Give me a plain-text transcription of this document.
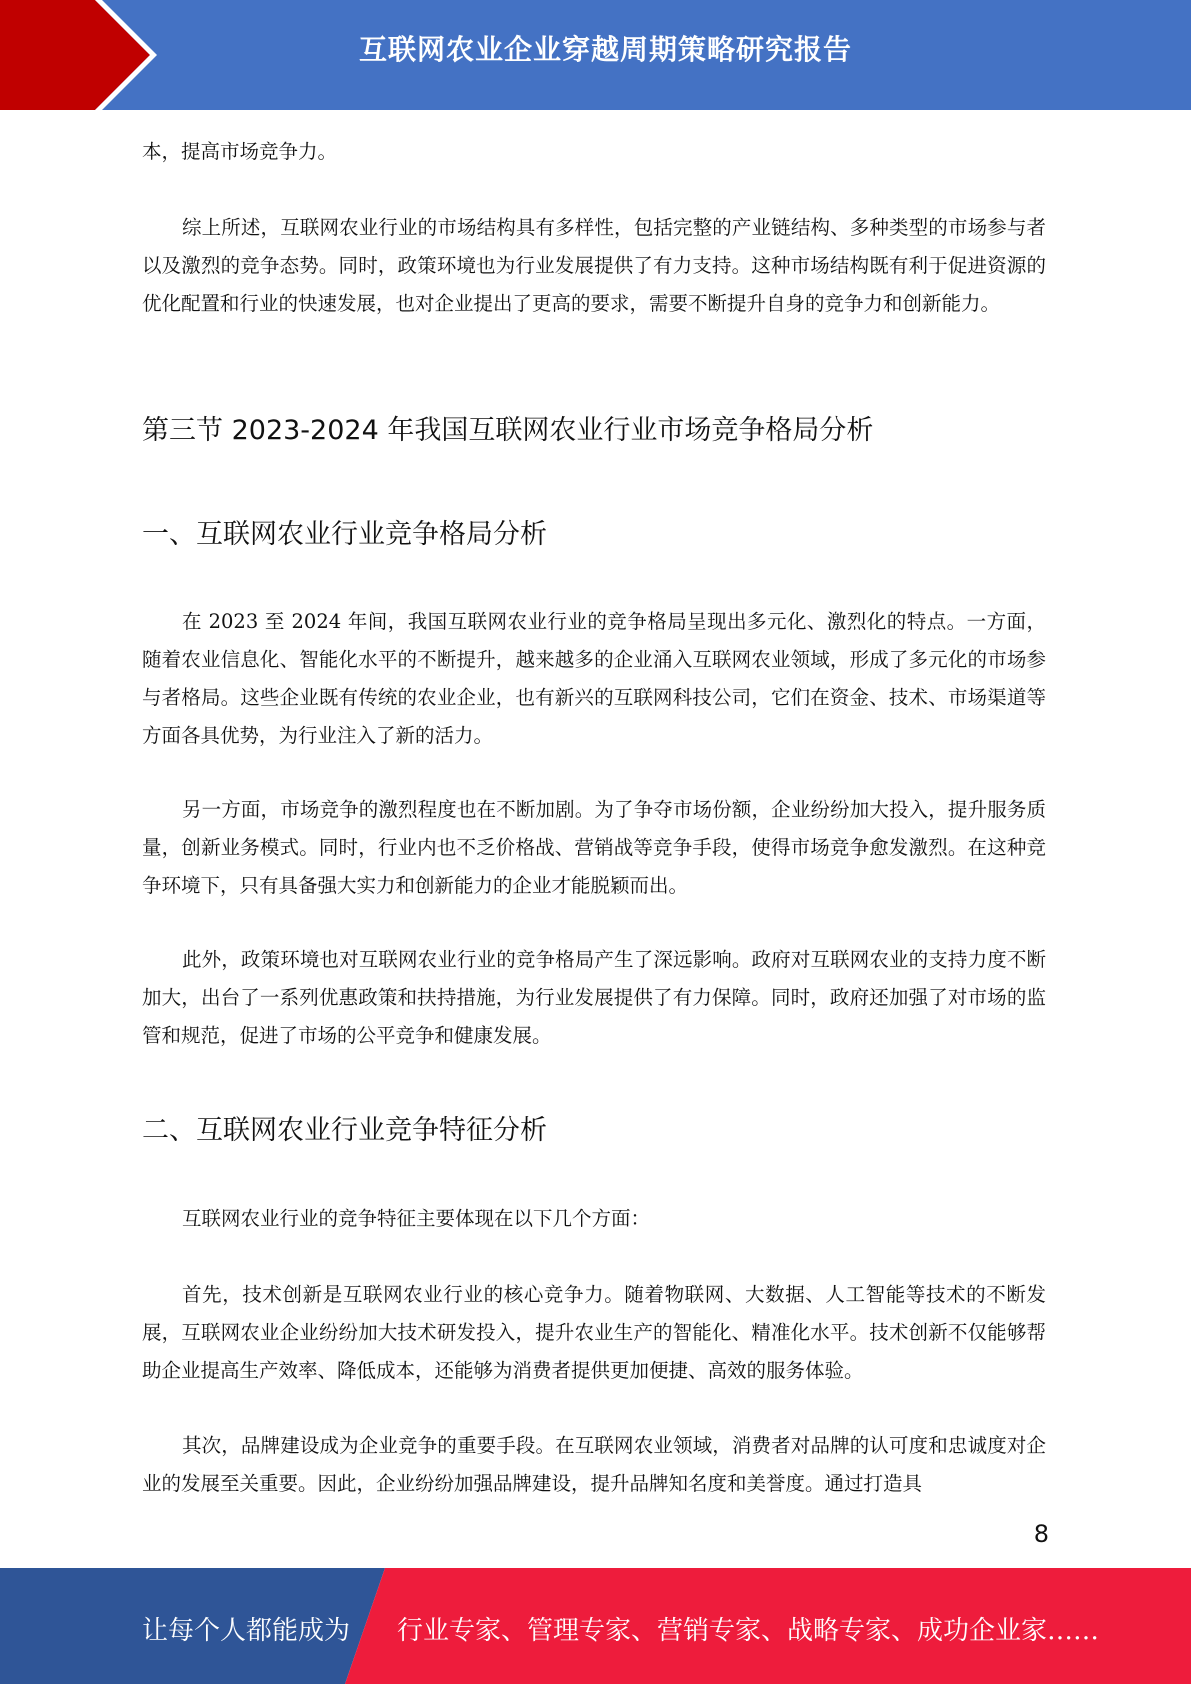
互联网农业企业穿越周期策略研究报告
本，提高市场竞争力。
综上所述，互联网农业行业的市场结构具有多样性，包括完整的产业链结构、多种类型的市场参与者以及激烈的竞争态势。同时，政策环境也为行业发展提供了有力支持。这种市场结构既有利于促进资源的优化配置和行业的快速发展，也对企业提出了更高的要求，需要不断提升自身的竞争力和创新能力。
第三节 2023-2024 年我国互联网农业行业市场竞争格局分析
一、互联网农业行业竞争格局分析
在 2023 至 2024 年间，我国互联网农业行业的竞争格局呈现出多元化、激烈化的特点。一方面，随着农业信息化、智能化水平的不断提升，越来越多的企业涌入互联网农业领域，形成了多元化的市场参与者格局。这些企业既有传统的农业企业，也有新兴的互联网科技公司，它们在资金、技术、市场渠道等方面各具优势，为行业注入了新的活力。
另一方面，市场竞争的激烈程度也在不断加剧。为了争夺市场份额，企业纷纷加大投入，提升服务质量，创新业务模式。同时，行业内也不乏价格战、营销战等竞争手段，使得市场竞争愈发激烈。在这种竞争环境下，只有具备强大实力和创新能力的企业才能脱颖而出。
此外，政策环境也对互联网农业行业的竞争格局产生了深远影响。政府对互联网农业的支持力度不断加大，出台了一系列优惠政策和扶持措施，为行业发展提供了有力保障。同时，政府还加强了对市场的监管和规范，促进了市场的公平竞争和健康发展。
二、互联网农业行业竞争特征分析
互联网农业行业的竞争特征主要体现在以下几个方面：
首先，技术创新是互联网农业行业的核心竞争力。随着物联网、大数据、人工智能等技术的不断发展，互联网农业企业纷纷加大技术研发投入，提升农业生产的智能化、精准化水平。技术创新不仅能够帮助企业提高生产效率、降低成本，还能够为消费者提供更加便捷、高效的服务体验。
其次，品牌建设成为企业竞争的重要手段。在互联网农业领域，消费者对品牌的认可度和忠诚度对企业的发展至关重要。因此，企业纷纷加强品牌建设，提升品牌知名度和美誉度。通过打造具
8
让每个人都能成为 行业专家、管理专家、营销专家、战略专家、成功企业家……
